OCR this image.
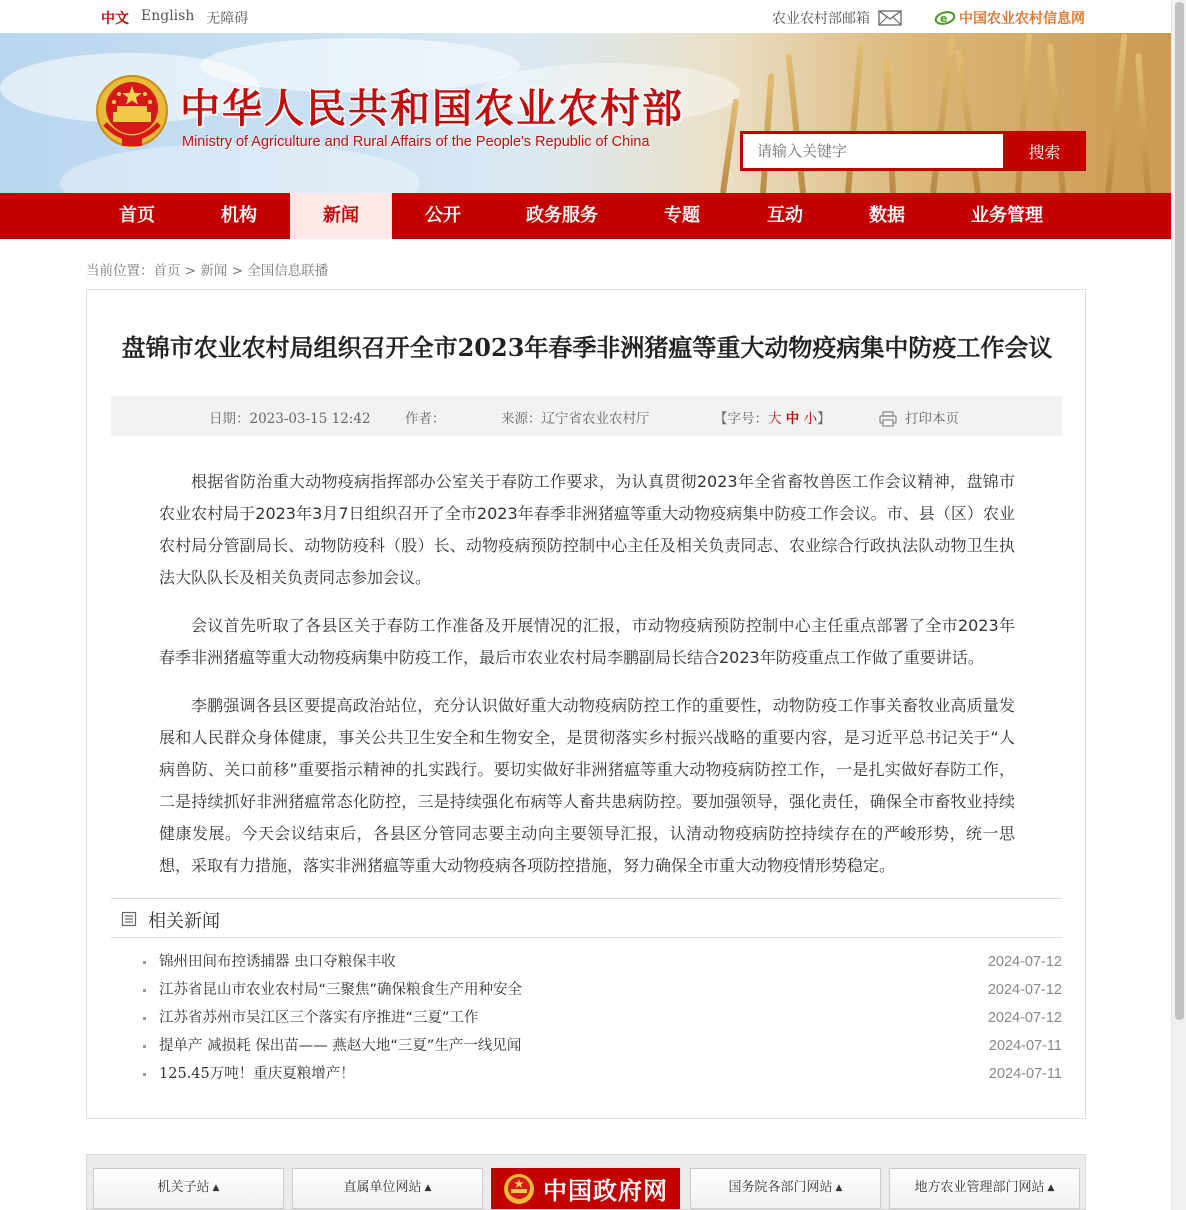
中文 English 无障碍	农业农村部邮箱	e 中国农业农村信息网
中华人民共和国农业农村部
Ministry of Agriculture and Rural Affairs of the People's Republic of China
请输入关键字
搜索
首页	机构	新闻	公开	政务服务	专题	互动	数据	业务管理
当前位置：首页 > 新闻 > 全国信息联播
盘锦市农业农村局组织召开全市2023年春季非洲猪瘟等重大动物疫病集中防疫工作会议
日期：2023-03-15 12:42	作者：	来源：辽宁省农业农村厅	【字号：大 中 小】	打印本页

根据省防治重大动物疫病指挥部办公室关于春防工作要求，为认真贯彻2023年全省畜牧兽医工作会议精神，盘锦市农业农村局于2023年3月7日组织召开了全市2023年春季非洲猪瘟等重大动物疫病集中防疫工作会议。市、县（区）农业农村局分管副局长、动物防疫科（股）长、动物疫病预防控制中心主任及相关负责同志、农业综合行政执法队动物卫生执法大队队长及相关负责同志参加会议。

会议首先听取了各县区关于春防工作准备及开展情况的汇报，市动物疫病预防控制中心主任重点部署了全市2023年春季非洲猪瘟等重大动物疫病集中防疫工作，最后市农业农村局李鹏副局长结合2023年防疫重点工作做了重要讲话。

李鹏强调各县区要提高政治站位，充分认识做好重大动物疫病防控工作的重要性，动物防疫工作事关畜牧业高质量发展和人民群众身体健康，事关公共卫生安全和生物安全，是贯彻落实乡村振兴战略的重要内容，是习近平总书记关于“人病兽防、关口前移”重要指示精神的扎实践行。要切实做好非洲猪瘟等重大动物疫病防控工作，一是扎实做好春防工作，二是持续抓好非洲猪瘟常态化防控，三是持续强化布病等人畜共患病防控。要加强领导，强化责任，确保全市畜牧业持续健康发展。今天会议结束后，各县区分管同志要主动向主要领导汇报，认清动物疫病防控持续存在的严峻形势，统一思想，采取有力措施，落实非洲猪瘟等重大动物疫病各项防控措施，努力确保全市重大动物疫情形势稳定。

相关新闻
锦州田间布控诱捕器 虫口夺粮保丰收	2024-07-12
江苏省昆山市农业农村局“三聚焦”确保粮食生产用种安全	2024-07-12
江苏省苏州市吴江区三个落实有序推进“三夏”工作	2024-07-12
提单产 减损耗 保出苗—— 燕赵大地“三夏”生产一线见闻	2024-07-11
125.45万吨！重庆夏粮增产！	2024-07-11
机关子站 ▲	直属单位网站 ▲	中国政府网	国务院各部门网站 ▲	地方农业管理部门网站 ▲
